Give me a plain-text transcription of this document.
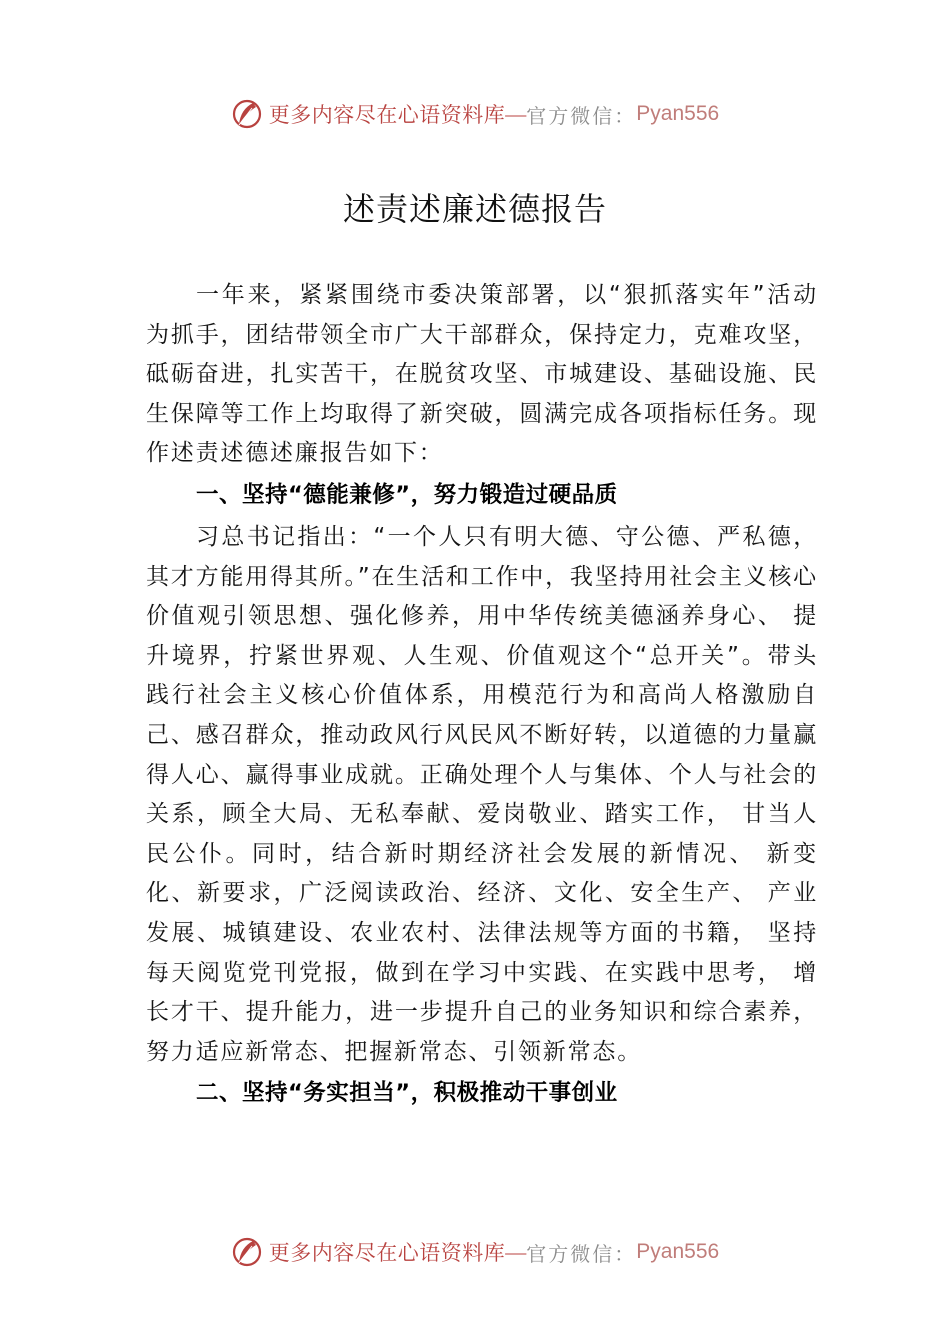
更多内容尽在心语资料库 — 官方微信： Pyan556
述责述廉述德报告

一年来，紧紧围绕市委决策部署，以“狠抓落实年”活动为抓手，团结带领全市广大干部群众，保持定力，克难攻坚，砥砺奋进，扎实苦干，在脱贫攻坚、市城建设、基础设施、民生保障等工作上均取得了新突破，圆满完成各项指标任务。现作述责述德述廉报告如下：

一、坚持“德能兼修”，努力锻造过硬品质

习总书记指出：“一个人只有明大德、守公德、严私德，其才方能用得其所。”在生活和工作中，我坚持用社会主义核心价值观引领思想、强化修养，用中华传统美德涵养身心、 提升境界，拧紧世界观、人生观、价值观这个“总开关”。带头践行社会主义核心价值体系，用模范行为和高尚人格激励自己、感召群众，推动政风行风民风不断好转，以道德的力量赢得人心、赢得事业成就。正确处理个人与集体、个人与社会的关系，顾全大局、无私奉献、爱岗敬业、踏实工作， 甘当人民公仆。同时，结合新时期经济社会发展的新情况、 新变化、新要求，广泛阅读政治、经济、文化、安全生产、 产业发展、城镇建设、农业农村、法律法规等方面的书籍， 坚持每天阅览党刊党报，做到在学习中实践、在实践中思考， 增长才干、提升能力，进一步提升自己的业务知识和综合素养，努力适应新常态、把握新常态、引领新常态。

二、坚持“务实担当”，积极推动干事创业

更多内容尽在心语资料库 — 官方微信： Pyan556
